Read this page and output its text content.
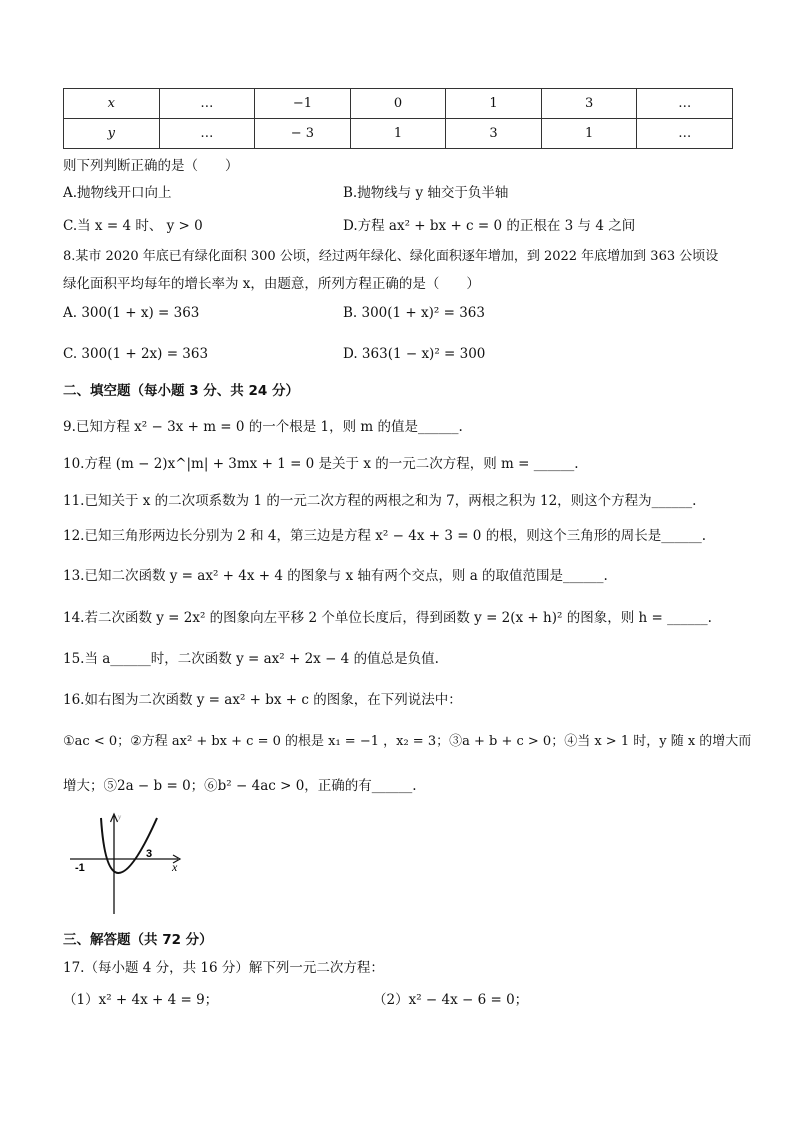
x	…	−1	0	1	3	…
y	…	− 3	1	3	1	…
则下列判断正确的是（　　）
A.抛物线开口向上	B.抛物线与 y 轴交于负半轴
C.当 x = 4 时、 y > 0	D.方程 ax² + bx + c = 0 的正根在 3 与 4 之间
8.某市 2020 年底已有绿化面积 300 公顷，经过两年绿化、绿化面积逐年增加，到 2022 年底增加到 363 公顷设
绿化面积平均每年的增长率为 x，由题意，所列方程正确的是（　　）
A. 300(1 + x) = 363	B. 300(1 + x)² = 363
C. 300(1 + 2x) = 363	D. 363(1 − x)² = 300
二、填空题（每小题 3 分、共 24 分）
9.已知方程 x² − 3x + m = 0 的一个根是 1，则 m 的值是______.
10.方程 (m − 2)x^|m| + 3mx + 1 = 0 是关于 x 的一元二次方程，则 m = ______.
11.已知关于 x 的二次项系数为 1 的一元二次方程的两根之和为 7，两根之积为 12，则这个方程为______.
12.已知三角形两边长分别为 2 和 4，第三边是方程 x² − 4x + 3 = 0 的根，则这个三角形的周长是______.
13.已知二次函数 y = ax² + 4x + 4 的图象与 x 轴有两个交点，则 a 的取值范围是______.
14.若二次函数 y = 2x² 的图象向左平移 2 个单位长度后，得到函数 y = 2(x + h)² 的图象，则 h = ______.
15.当 a______时，二次函数 y = ax² + 2x − 4 的值总是负值.
16.如右图为二次函数 y = ax² + bx + c 的图象，在下列说法中：
①ac < 0；②方程 ax² + bx + c = 0 的根是 x₁ = −1 ，x₂ = 3；③a + b + c > 0；④当 x > 1 时，y 随 x 的增大而
增大；⑤2a − b = 0；⑥b² − 4ac > 0，正确的有______.
-1
3
x
y
三、解答题（共 72 分）
17.（每小题 4 分，共 16 分）解下列一元二次方程：
（1）x² + 4x + 4 = 9；	（2）x² − 4x − 6 = 0；
